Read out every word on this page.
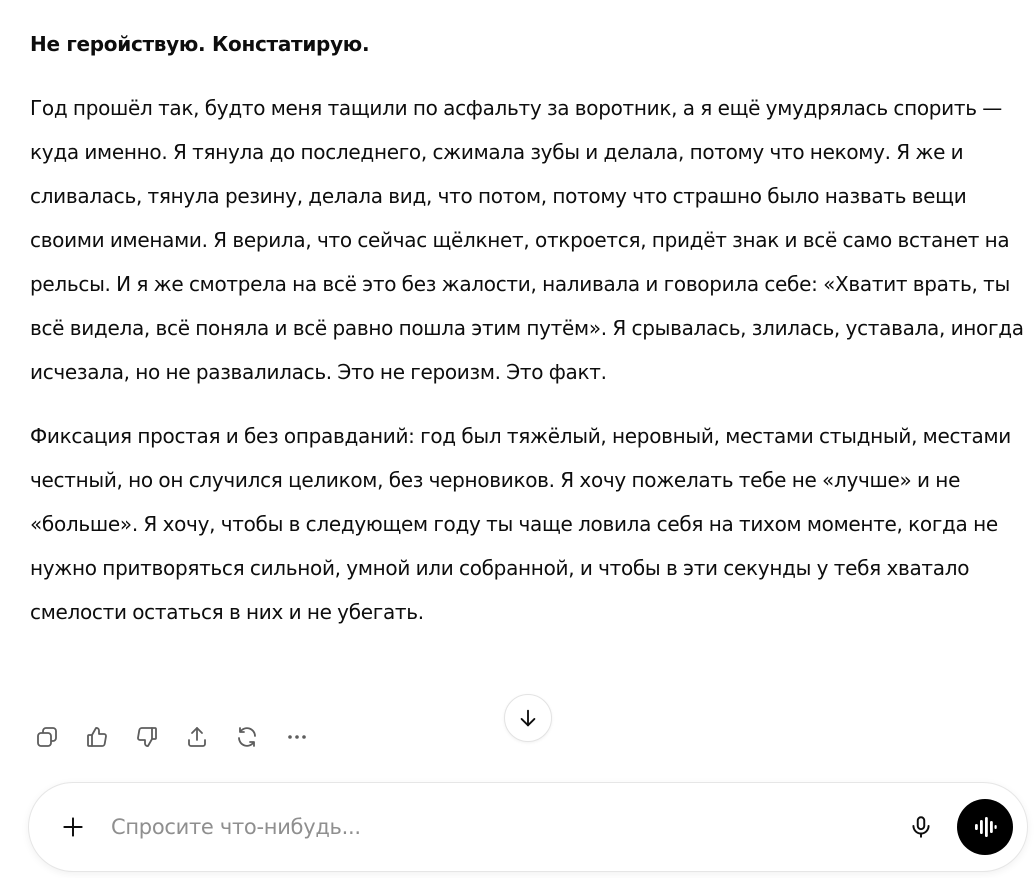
Не геройствую. Констатирую.

Год прошёл так, будто меня тащили по асфальту за воротник, а я ещё умудрялась спорить — куда именно. Я тянула до последнего, сжимала зубы и делала, потому что некому. Я же и сливалась, тянула резину, делала вид, что потом, потому что страшно было назвать вещи своими именами. Я верила, что сейчас щёлкнет, откроется, придёт знак и всё само встанет на рельсы. И я же смотрела на всё это без жалости, наливала и говорила себе: «Хватит врать, ты всё видела, всё поняла и всё равно пошла этим путём». Я срывалась, злилась, уставала, иногда исчезала, но не развалилась. Это не героизм. Это факт.

Фиксация простая и без оправданий: год был тяжёлый, неровный, местами стыдный, местами честный, но он случился целиком, без черновиков. Я хочу пожелать тебе не «лучше» и не «больше». Я хочу, чтобы в следующем году ты чаще ловила себя на тихом моменте, когда не нужно притворяться сильной, умной или собранной, и чтобы в эти секунды у тебя хватало смелости остаться в них и не убегать.

Спросите что-нибудь...
